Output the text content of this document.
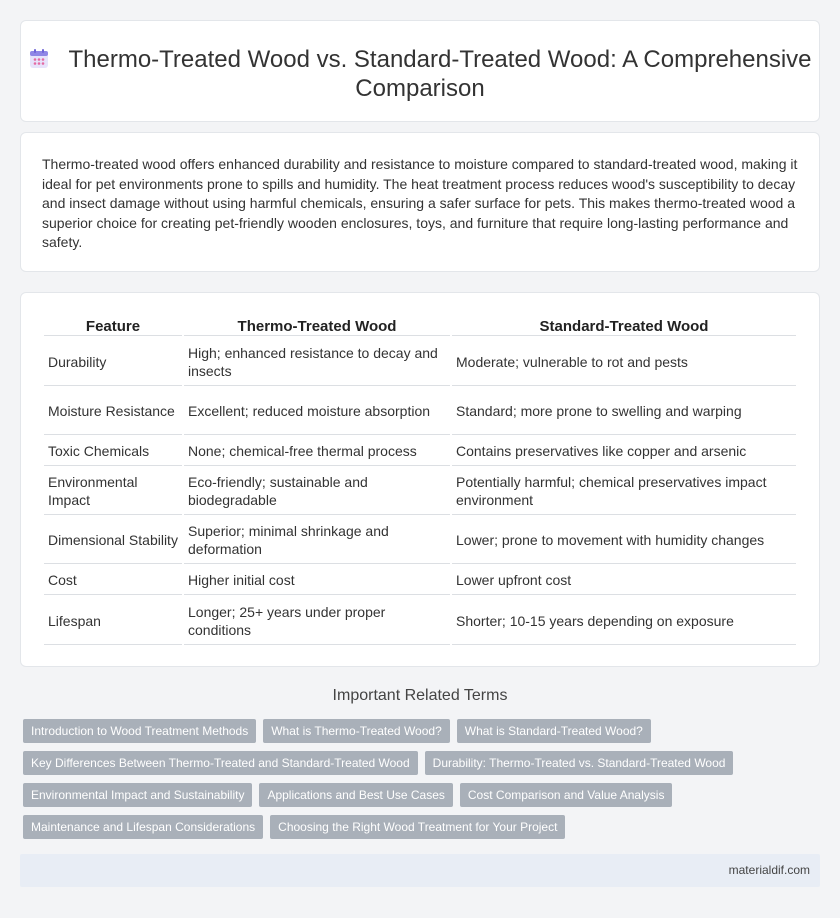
Thermo-Treated Wood vs. Standard-Treated Wood: A Comprehensive Comparison

Thermo-treated wood offers enhanced durability and resistance to moisture compared to standard-treated wood, making it ideal for pet environments prone to spills and humidity. The heat treatment process reduces wood's susceptibility to decay and insect damage without using harmful chemicals, ensuring a safer surface for pets. This makes thermo-treated wood a superior choice for creating pet-friendly wooden enclosures, toys, and furniture that require long-lasting performance and safety.

Feature	Thermo-Treated Wood	Standard-Treated Wood
Durability	High; enhanced resistance to decay and insects	Moderate; vulnerable to rot and pests
Moisture Resistance	Excellent; reduced moisture absorption	Standard; more prone to swelling and warping
Toxic Chemicals	None; chemical-free thermal process	Contains preservatives like copper and arsenic
Environmental Impact	Eco-friendly; sustainable and biodegradable	Potentially harmful; chemical preservatives impact environment
Dimensional Stability	Superior; minimal shrinkage and deformation	Lower; prone to movement with humidity changes
Cost	Higher initial cost	Lower upfront cost
Lifespan	Longer; 25+ years under proper conditions	Shorter; 10-15 years depending on exposure
Important Related Terms
Introduction to Wood Treatment Methods	What is Thermo-Treated Wood?	What is Standard-Treated Wood?
Key Differences Between Thermo-Treated and Standard-Treated Wood	Durability: Thermo-Treated vs. Standard-Treated Wood
Environmental Impact and Sustainability	Applications and Best Use Cases	Cost Comparison and Value Analysis
Maintenance and Lifespan Considerations	Choosing the Right Wood Treatment for Your Project
materialdif.com
